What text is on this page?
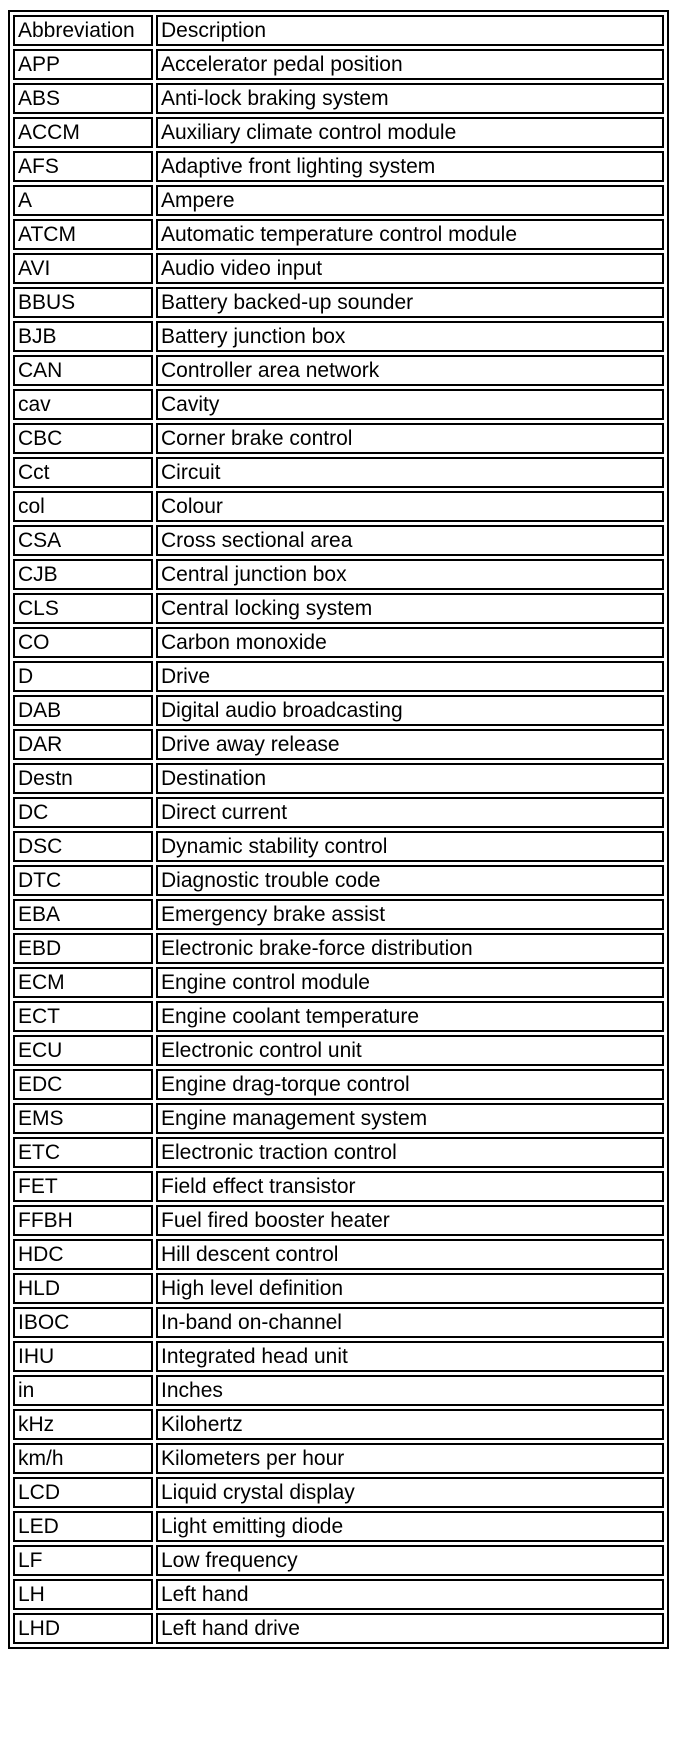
Abbreviation	Description
APP	Accelerator pedal position
ABS	Anti-lock braking system
ACCM	Auxiliary climate control module
AFS	Adaptive front lighting system
A	Ampere
ATCM	Automatic temperature control module
AVI	Audio video input
BBUS	Battery backed-up sounder
BJB	Battery junction box
CAN	Controller area network
cav	Cavity
CBC	Corner brake control
Cct	Circuit
col	Colour
CSA	Cross sectional area
CJB	Central junction box
CLS	Central locking system
CO	Carbon monoxide
D	Drive
DAB	Digital audio broadcasting
DAR	Drive away release
Destn	Destination
DC	Direct current
DSC	Dynamic stability control
DTC	Diagnostic trouble code
EBA	Emergency brake assist
EBD	Electronic brake-force distribution
ECM	Engine control module
ECT	Engine coolant temperature
ECU	Electronic control unit
EDC	Engine drag-torque control
EMS	Engine management system
ETC	Electronic traction control
FET	Field effect transistor
FFBH	Fuel fired booster heater
HDC	Hill descent control
HLD	High level definition
IBOC	In-band on-channel
IHU	Integrated head unit
in	Inches
kHz	Kilohertz
km/h	Kilometers per hour
LCD	Liquid crystal display
LED	Light emitting diode
LF	Low frequency
LH	Left hand
LHD	Left hand drive
